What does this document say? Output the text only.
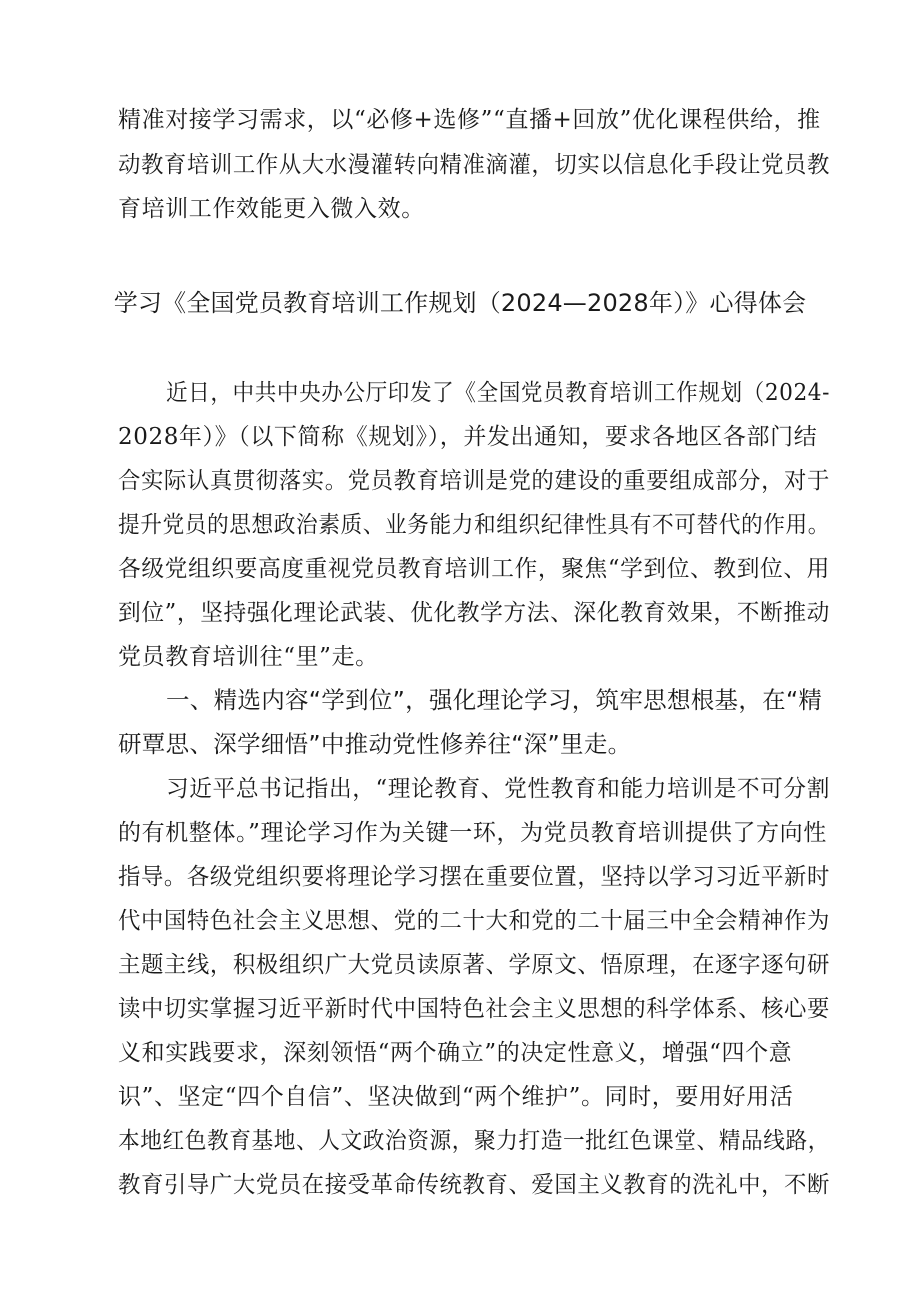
精准对接学习需求，以“必修+选修”“直播+回放”优化课程供给，推
动教育培训工作从大水漫灌转向精准滴灌，切实以信息化手段让党员教
育培训工作效能更入微入效。
学习《全国党员教育培训工作规划（2024—2028年）》心得体会
近日，中共中央办公厅印发了《全国党员教育培训工作规划（2024-
2028年）》（以下简称《规划》），并发出通知，要求各地区各部门结
合实际认真贯彻落实。党员教育培训是党的建设的重要组成部分，对于
提升党员的思想政治素质、业务能力和组织纪律性具有不可替代的作用。
各级党组织要高度重视党员教育培训工作，聚焦“学到位、教到位、用
到位”，坚持强化理论武装、优化教学方法、深化教育效果，不断推动
党员教育培训往“里”走。
一、精选内容“学到位”，强化理论学习，筑牢思想根基，在“精
研覃思、深学细悟”中推动党性修养往“深”里走。
习近平总书记指出，“理论教育、党性教育和能力培训是不可分割
的有机整体。”理论学习作为关键一环，为党员教育培训提供了方向性
指导。各级党组织要将理论学习摆在重要位置，坚持以学习习近平新时
代中国特色社会主义思想、党的二十大和党的二十届三中全会精神作为
主题主线，积极组织广大党员读原著、学原文、悟原理，在逐字逐句研
读中切实掌握习近平新时代中国特色社会主义思想的科学体系、核心要
义和实践要求，深刻领悟“两个确立”的决定性意义，增强“四个意
识”、坚定“四个自信”、坚决做到“两个维护”。同时，要用好用活
本地红色教育基地、人文政治资源，聚力打造一批红色课堂、精品线路，
教育引导广大党员在接受革命传统教育、爱国主义教育的洗礼中，不断
